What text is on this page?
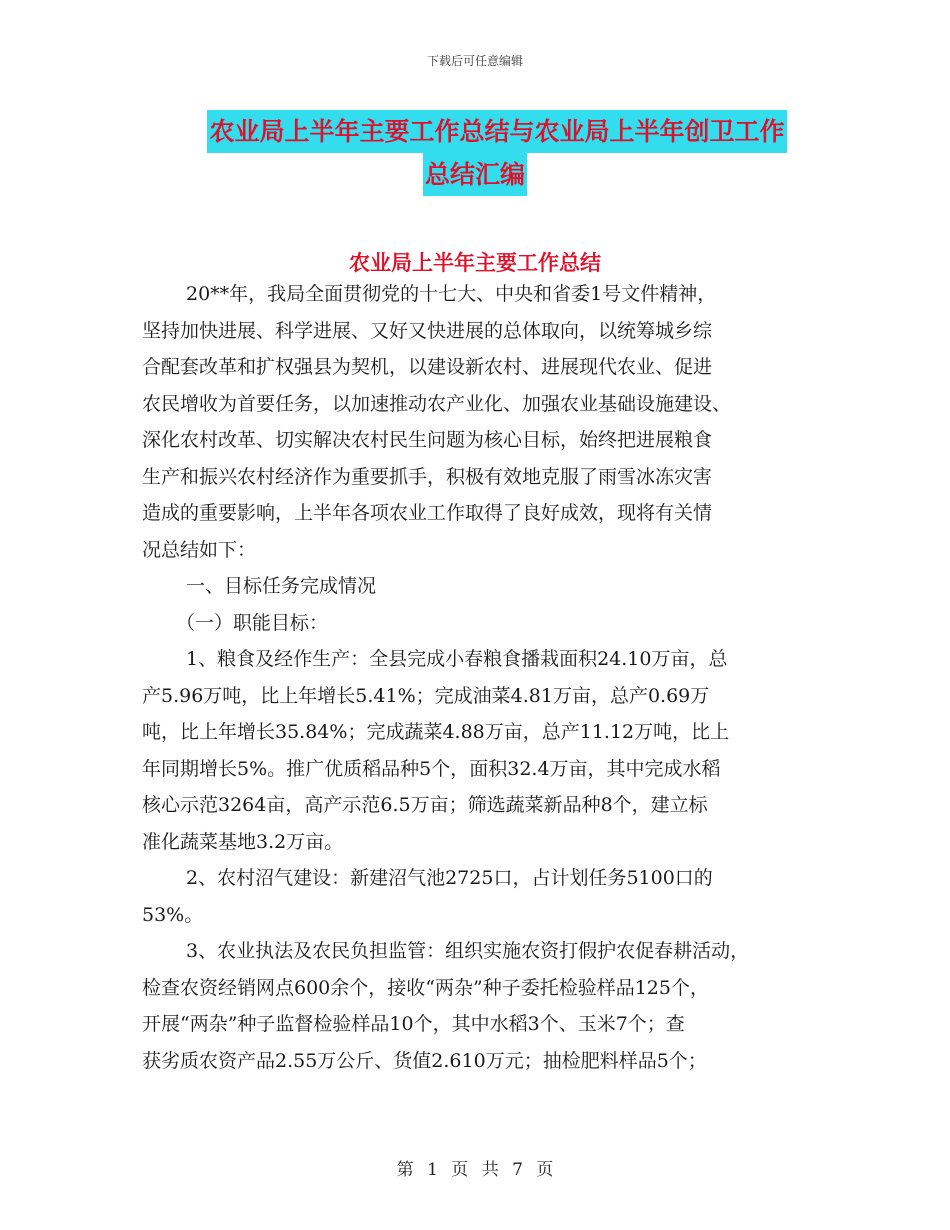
下载后可任意编辑
农业局上半年主要工作总结与农业局上半年创卫工作
总结汇编
农业局上半年主要工作总结
20**年，我局全面贯彻党的十七大、中央和省委1号文件精神，
坚持加快进展、科学进展、又好又快进展的总体取向，以统筹城乡综
合配套改革和扩权强县为契机，以建设新农村、进展现代农业、促进
农民增收为首要任务，以加速推动农产业化、加强农业基础设施建设、
深化农村改革、切实解决农村民生问题为核心目标，始终把进展粮食
生产和振兴农村经济作为重要抓手，积极有效地克服了雨雪冰冻灾害
造成的重要影响，上半年各项农业工作取得了良好成效，现将有关情
况总结如下：
一、目标任务完成情况
（一）职能目标：
1、粮食及经作生产：全县完成小春粮食播栽面积24.10万亩，总
产5.96万吨，比上年增长5.41%；完成油菜4.81万亩，总产0.69万
吨，比上年增长35.84%；完成蔬菜4.88万亩，总产11.12万吨，比上
年同期增长5%。推广优质稻品种5个，面积32.4万亩，其中完成水稻
核心示范3264亩，高产示范6.5万亩；筛选蔬菜新品种8个，建立标
准化蔬菜基地3.2万亩。
2、农村沼气建设：新建沼气池2725口，占计划任务5100口的
53%。
3、农业执法及农民负担监管：组织实施农资打假护农促春耕活动，
检查农资经销网点600余个，接收“两杂”种子委托检验样品125个，
开展“两杂”种子监督检验样品10个，其中水稻3个、玉米7个；查
获劣质农资产品2.55万公斤、货值2.610万元；抽检肥料样品5个；
第 1 页 共 7 页
